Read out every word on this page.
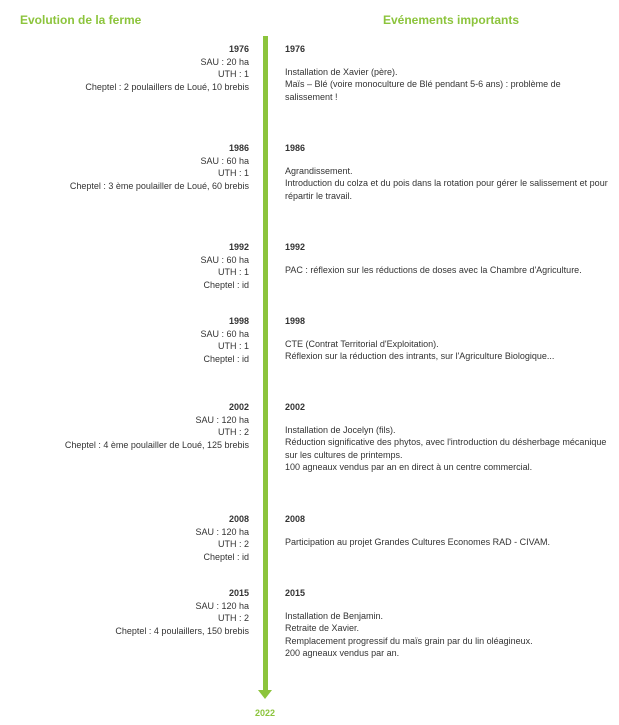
Evolution de la ferme	Evénements importants
2022
1976
SAU : 20 ha
UTH : 1
Cheptel : 2 poulaillers de Loué, 10 brebis
1976
Installation de Xavier (père).
Maïs – Blé (voire monoculture de Blé pendant 5-6 ans) : problème de salissement !
1986
SAU : 60 ha
UTH : 1
Cheptel : 3 ème poulailler de Loué, 60 brebis
1986
Agrandissement.
Introduction du colza et du pois dans la rotation pour gérer le salissement et pour répartir le travail.
1992
SAU : 60 ha
UTH : 1
Cheptel : id
1992
PAC : réflexion sur les réductions de doses avec la Chambre d'Agriculture.
1998
SAU : 60 ha
UTH : 1
Cheptel : id
1998
CTE (Contrat Territorial d'Exploitation).
Réflexion sur la réduction des intrants, sur l'Agriculture Biologique...
2002
SAU : 120 ha
UTH : 2
Cheptel : 4 ème poulailler de Loué, 125 brebis
2002
Installation de Jocelyn (fils).
Réduction significative des phytos, avec l'introduction du désherbage mécanique sur les cultures de printemps.
100 agneaux vendus par an en direct à un centre commercial.
2008
SAU : 120 ha
UTH : 2
Cheptel : id
2008
Participation au projet Grandes Cultures Economes RAD - CIVAM.
2015
SAU : 120 ha
UTH : 2
Cheptel : 4 poulaillers, 150 brebis
2015
Installation de Benjamin.
Retraite de Xavier.
Remplacement progressif du maïs grain par du lin oléagineux.
200 agneaux vendus par an.
